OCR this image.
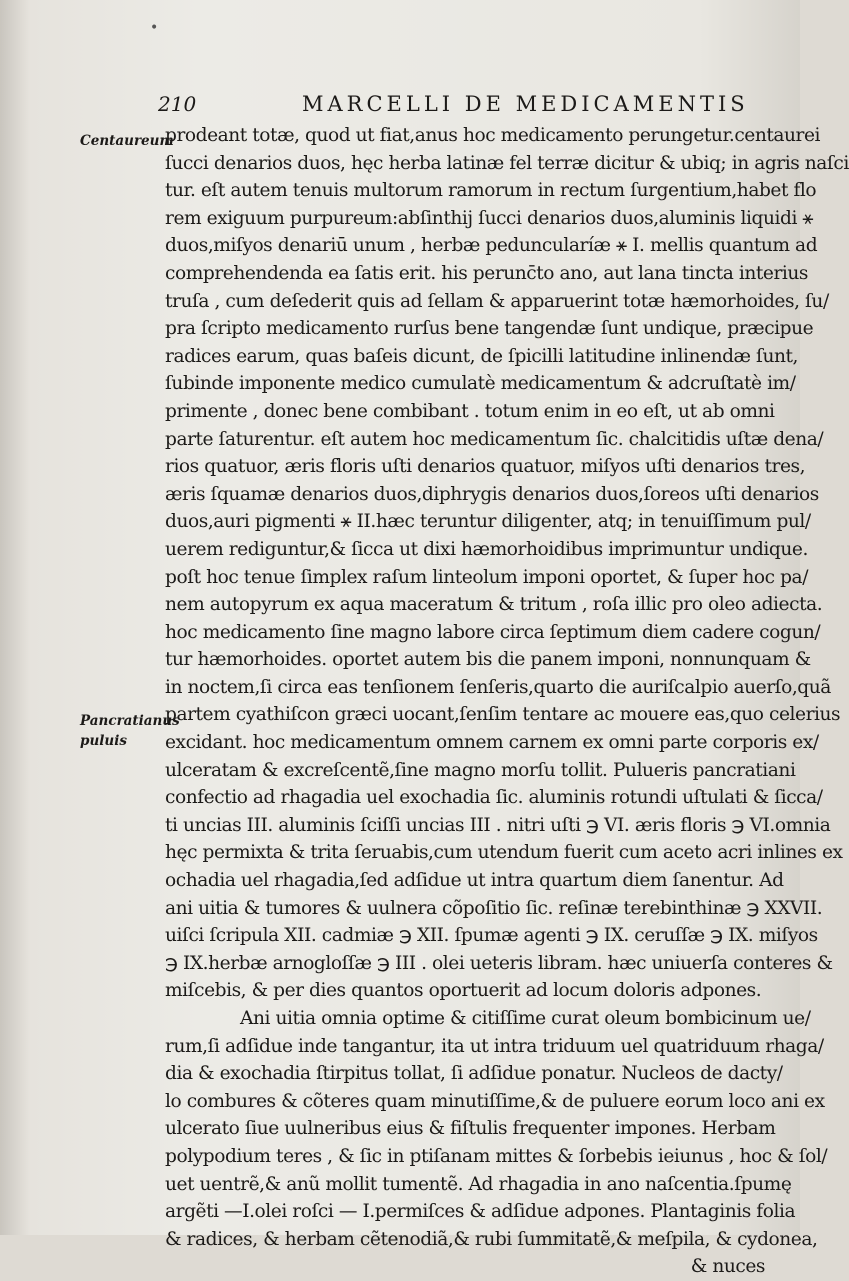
•
210	MARCELLI DE MEDICAMENTIS
Centaureum
Pancratianus
puluis
prodeant totæ, quod ut fiat,anus hoc medicamento perungetur.centaurei
ſucci denarios duos, hęc herba latinæ fel terræ dicitur & ubiq; in agris naſci
tur. eſt autem tenuis multorum ramorum in rectum ſurgentium,habet flo
rem exiguum purpureum:abſinthij ſucci denarios duos,aluminis liquidi ⚹
duos,miſyos denariū unum , herbæ peduncularíæ ⚹ I. mellis quantum ad
comprehendenda ea ſatis erit. his perunc̄to ano, aut lana tincta interius
truſa , cum deſederit quis ad ſellam & apparuerint totæ hæmorhoides, ſu/
pra ſcripto medicamento rurſus bene tangendæ ſunt undique, præcipue
radices earum, quas baſeis dicunt, de ſpicilli latitudine inlinendæ ſunt,
ſubinde imponente medico cumulatè medicamentum & adcruſtatè im/
primente , donec bene combibant . totum enim in eo eſt, ut ab omni
parte ſaturentur. eſt autem hoc medicamentum ſic. chalcitidis uſtæ dena/
rios quatuor, æris floris uſti denarios quatuor, miſyos uſti denarios tres,
æris ſquamæ denarios duos,diphrygis denarios duos,ſoreos uſti denarios
duos,auri pigmenti ⚹ II.hæc teruntur diligenter, atq; in tenuiſſimum pul/
uerem rediguntur,& ſicca ut dixi hæmorhoidibus imprimuntur undique.
poſt hoc tenue ſimplex raſum linteolum imponi oportet, & ſuper hoc pa/
nem autopyrum ex aqua maceratum & tritum , roſa illic pro oleo adiecta.
hoc medicamento ſine magno labore circa ſeptimum diem cadere cogun/
tur hæmorhoides. oportet autem bis die panem imponi, nonnunquam &
in noctem,ſi circa eas tenſionem ſenſeris,quarto die auriſcalpio auerſo,quã
partem cyathiſcon græci uocant,ſenſim tentare ac mouere eas,quo celerius
excidant. hoc medicamentum omnem carnem ex omni parte corporis ex/
ulceratam & excreſcentẽ,ſine magno morſu tollit. Pulueris pancratiani
confectio ad rhagadia uel exochadia ſic. aluminis rotundi uſtulati & ſicca/
ti uncias III. aluminis ſciſſi uncias III . nitri uſti ℈ VI. æris floris ℈ VI.omnia
hęc permixta & trita ſeruabis,cum utendum fuerit cum aceto acri inlines ex
ochadia uel rhagadia,ſed adſidue ut intra quartum diem ſanentur. Ad
ani uitia & tumores & uulnera cõpoſitio ſic. reſinæ terebinthinæ ℈ XXVII.
uiſci ſcripula XII. cadmiæ ℈ XII. ſpumæ agenti ℈ IX. ceruſſæ ℈ IX. miſyos
℈ IX.herbæ arnogloſſæ ℈ III . olei ueteris libram. hæc uniuerſa conteres &
miſcebis, & per dies quantos oportuerit ad locum doloris adpones.
Ani uitia omnia optime & citiſſime curat oleum bombicinum ue/
rum,ſi adſidue inde tangantur, ita ut intra triduum uel quatriduum rhaga/
dia & exochadia ſtirpitus tollat, ſi adſidue ponatur. Nucleos de dacty/
lo combures & cõteres quam minutiſſime,& de puluere eorum loco ani ex
ulcerato ſiue uulneribus eius & fiſtulis frequenter impones. Herbam
polypodium teres , & ſic in ptiſanam mittes & ſorbebis ieiunus , hoc & ſol/
uet uentrẽ,& anũ mollit tumentẽ. Ad rhagadia in ano naſcentia.ſpumę
argẽti —I.olei roſci — I.permiſces & adſidue adpones. Plantaginis folia
& radices, & herbam cẽtenodiã,& rubi ſummitatẽ,& meſpila, & cydonea,
& nuces
